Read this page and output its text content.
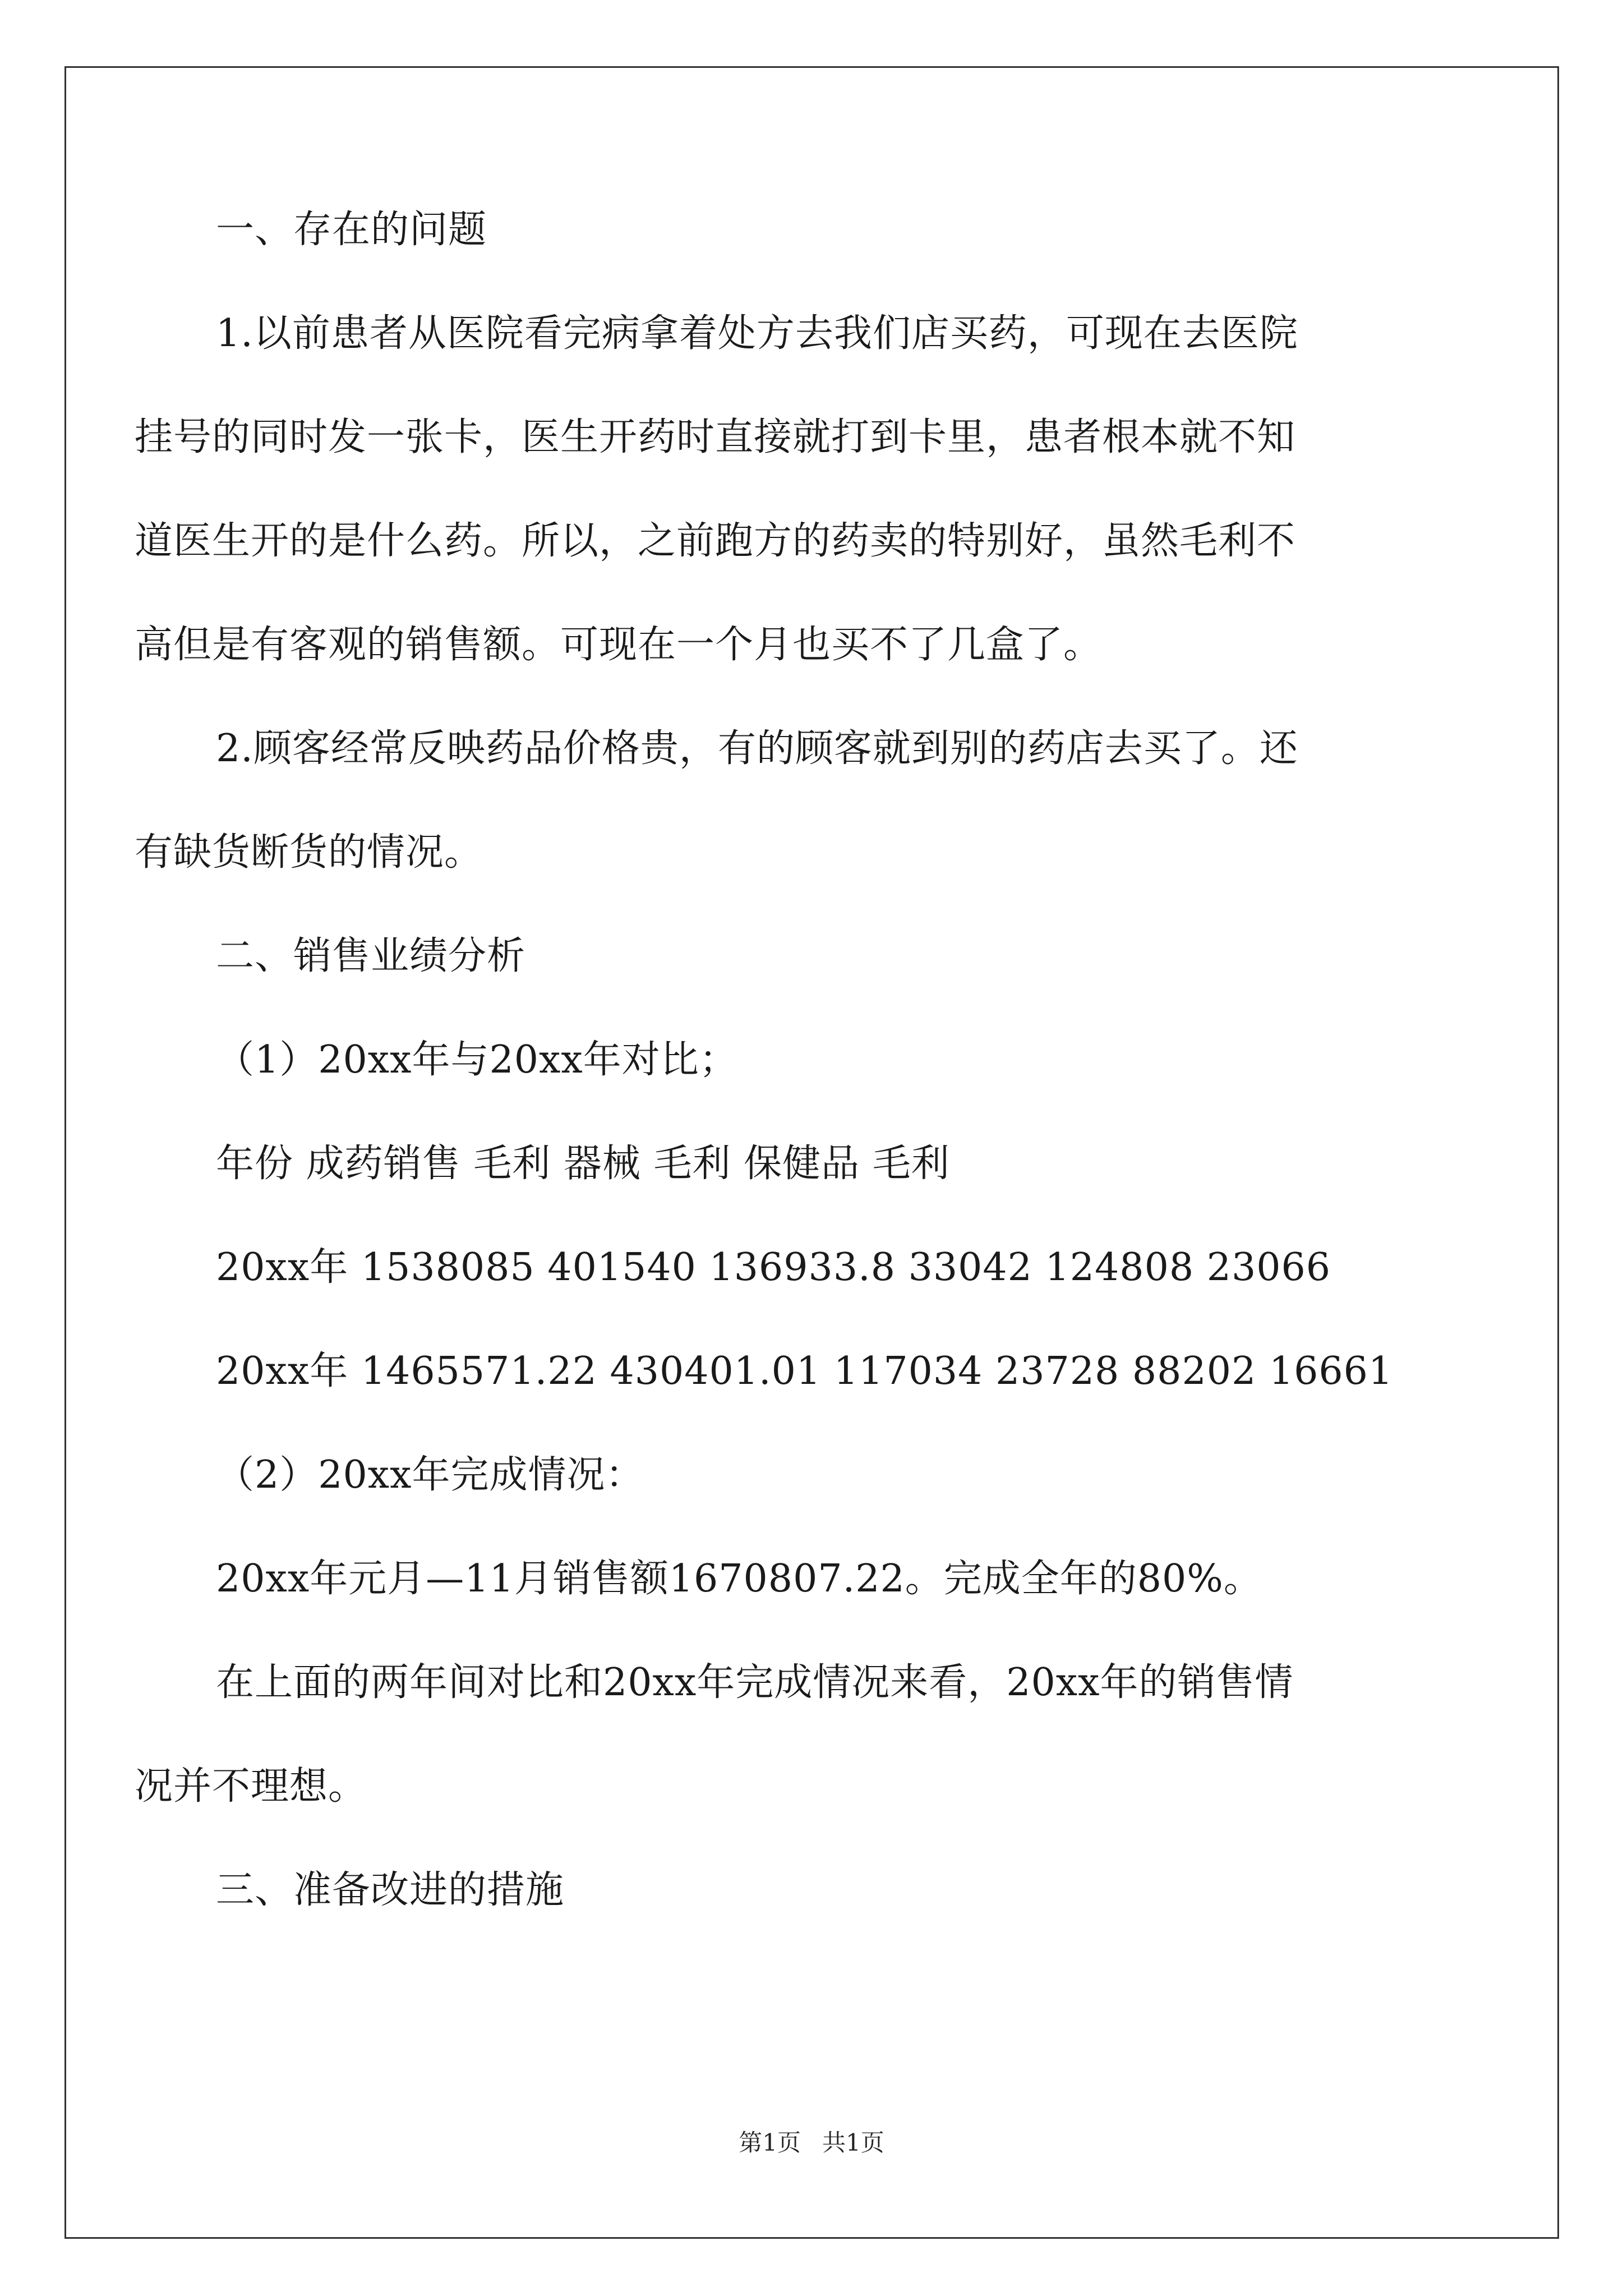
一、存在的问题
1.以前患者从医院看完病拿着处方去我们店买药，可现在去医院
挂号的同时发一张卡，医生开药时直接就打到卡里，患者根本就不知
道医生开的是什么药。所以，之前跑方的药卖的特别好，虽然毛利不
高但是有客观的销售额。可现在一个月也买不了几盒了。
2.顾客经常反映药品价格贵，有的顾客就到别的药店去买了。还
有缺货断货的情况。
二、销售业绩分析
（1）20xx年与20xx年对比；
年份 成药销售 毛利 器械 毛利 保健品 毛利
20xx年 1538085 401540 136933.8 33042 124808 23066
20xx年 1465571.22 430401.01 117034 23728 88202 16661
（2）20xx年完成情况：
20xx年元月—11月销售额1670807.22。完成全年的80%。
在上面的两年间对比和20xx年完成情况来看，20xx年的销售情
况并不理想。
三、准备改进的措施
第1页 共1页
